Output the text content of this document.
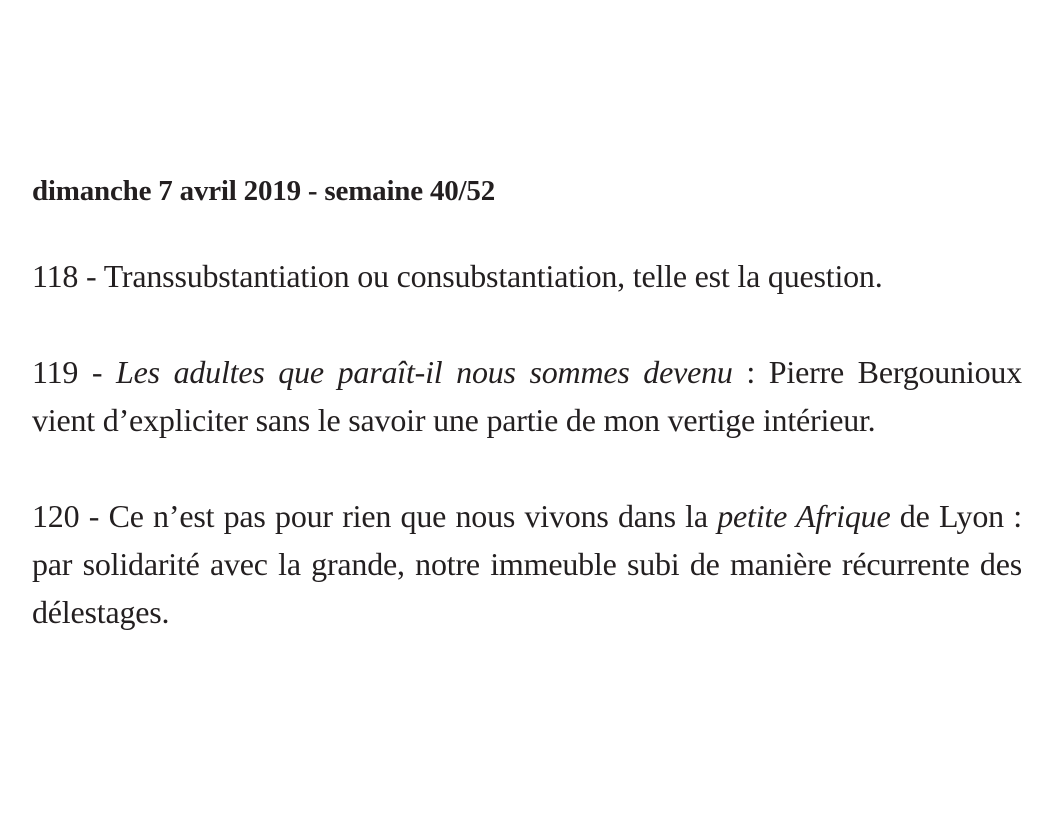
dimanche 7 avril 2019 - semaine 40/52

118 - Transsubstantiation ou consubstantiation, telle est la question.

119 - Les adultes que paraît-il nous sommes devenu : Pierre Bergounioux vient d’expliciter sans le savoir une partie de mon vertige intérieur.

120 - Ce n’est pas pour rien que nous vivons dans la petite Afrique de Lyon : par solidarité avec la grande, notre immeuble subi de manière récurrente des délestages.
